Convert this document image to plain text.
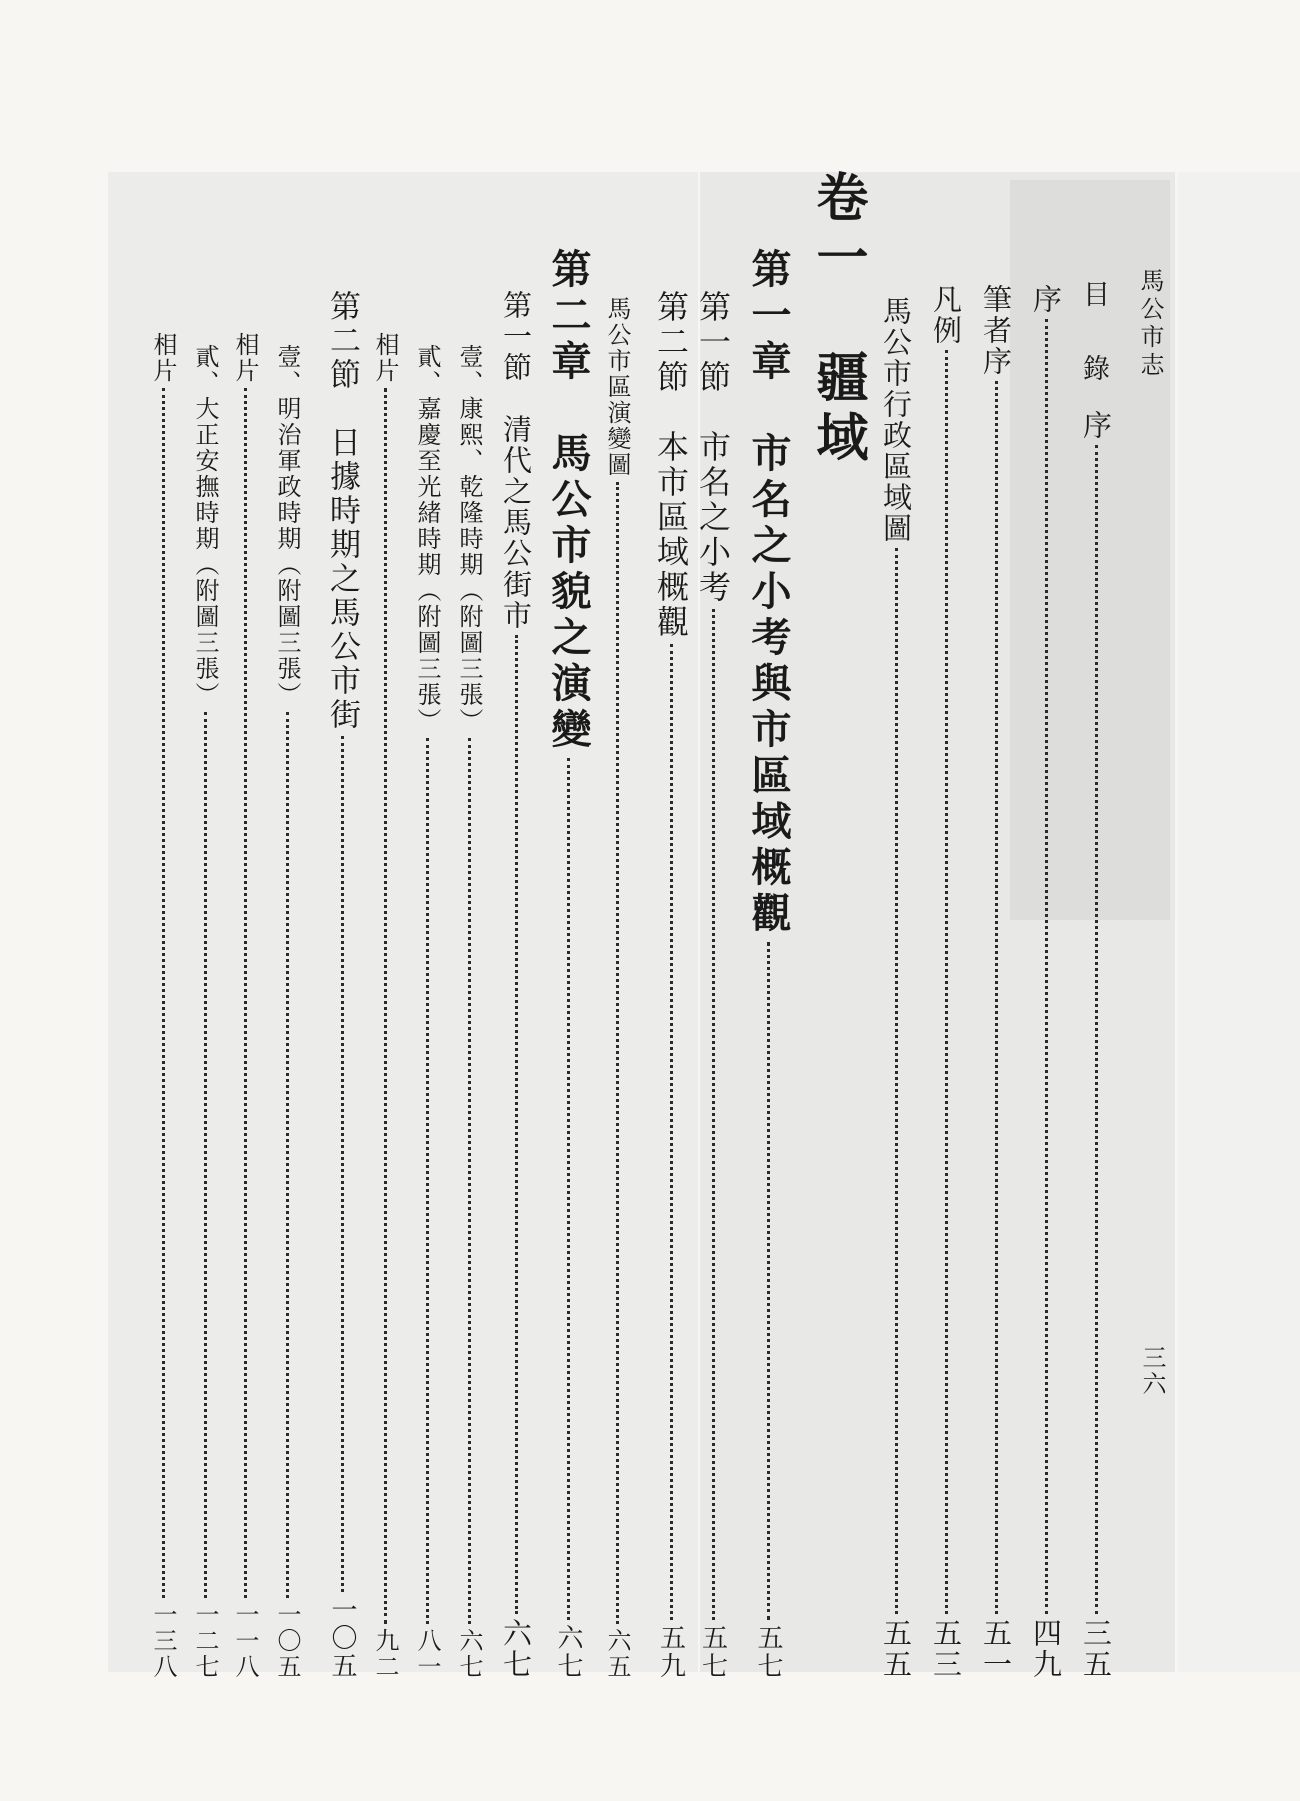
馬公市志
三六
目　錄
序
三五
序
四九
筆者序
五一
凡例
五三
馬公市行政區域圖
五五
卷一　疆域
第一章　市名之小考與市區域概觀
五七
第一節　市名之小考
五七
第二節　本市區域概觀
五九
馬公市區演變圖
六五
第二章　馬公市貌之演變
六七
第一節　清代之馬公街市
六七
壹、康熙、乾隆時期（附圖三張）
六七
貳、嘉慶至光緒時期（附圖三張）
八一
相片
九二
第二節　日據時期之馬公市街
一〇五
壹、明治軍政時期（附圖三張）
一〇五
相片
一一八
貳、大正安撫時期（附圖三張）
一二七
相片
一三八
